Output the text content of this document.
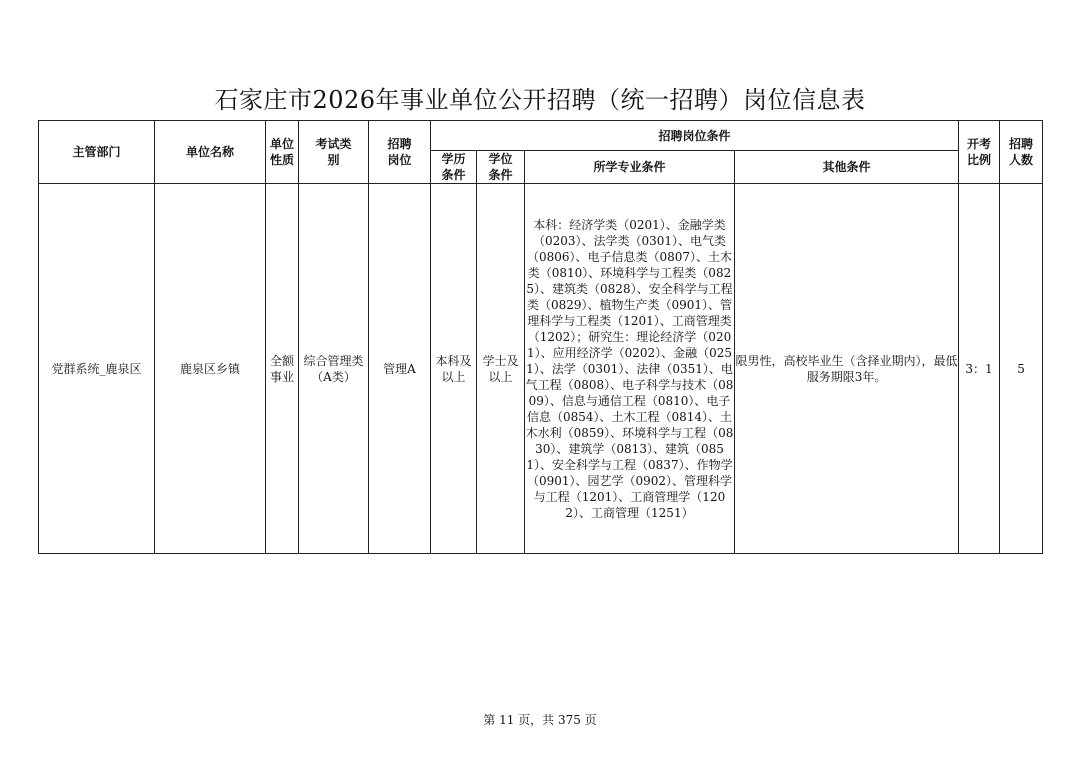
石家庄市2026年事业单位公开招聘（统一招聘）岗位信息表
主管部门	单位名称	单位性质	考试类别	招聘岗位	招聘岗位条件				开考比例	招聘人数
					学历条件	学位条件	所学专业条件	其他条件		
党群系统_鹿泉区	鹿泉区乡镇	全额事业	综合管理类（A类）	管理A	本科及以上	学士及以上	本科：经济学类（0201）、金融学类（0203）、法学类（0301）、电气类（0806）、电子信息类（0807）、土木类（0810）、环境科学与工程类（0825）、建筑类（0828）、安全科学与工程类（0829）、植物生产类（0901）、管理科学与工程类（1201）、工商管理类（1202）；研究生：理论经济学（0201）、应用经济学（0202）、金融（0251）、法学（0301）、法律（0351）、电气工程（0808）、电子科学与技术（0809）、信息与通信工程（0810）、电子信息（0854）、土木工程（0814）、土木水利（0859）、环境科学与工程（0830）、建筑学（0813）、建筑（0851）、安全科学与工程（0837）、作物学（0901）、园艺学（0902）、管理科学与工程（1201）、工商管理学（1202）、工商管理（1251）	限男性，高校毕业生（含择业期内），最低服务期限3年。	3：1	5
第 11 页，共 375 页
